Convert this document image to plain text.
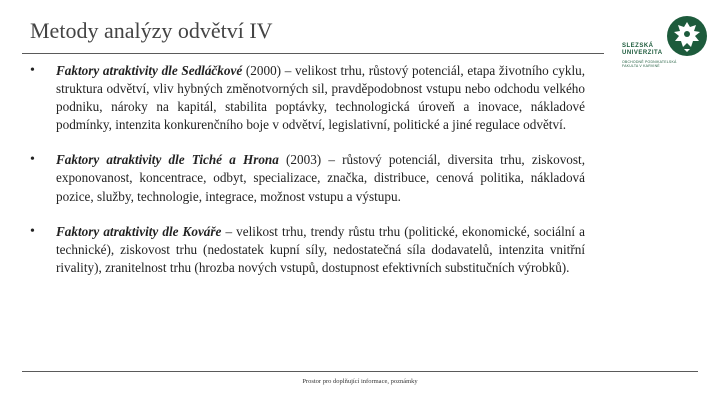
Metody analýzy odvětví IV
SLEZSKÁ
UNIVERZITA
OBCHODNĚ PODNIKATELSKÁ
FAKULTA V KARVINÉ
• Faktory atraktivity dle Sedláčkové (2000) – velikost trhu, růstový potenciál, etapa životního cyklu, struktura odvětví, vliv hybných změnotvorných sil, pravděpodobnost vstupu nebo odchodu velkého podniku, nároky na kapitál, stabilita poptávky, technologická úroveň a inovace, nákladové podmínky, intenzita konkurenčního boje v odvětví, legislativní, politické a jiné regulace odvětví.

• Faktory atraktivity dle Tiché a Hrona (2003) – růstový potenciál, diversita trhu, ziskovost, exponovanost, koncentrace, odbyt, specializace, značka, distribuce, cenová politika, nákladová pozice, služby, technologie, integrace, možnost vstupu a výstupu.

• Faktory atraktivity dle Kováře – velikost trhu, trendy růstu trhu (politické, ekonomické, sociální a technické), ziskovost trhu (nedostatek kupní síly, nedostatečná síla dodavatelů, intenzita vnitřní rivality), zranitelnost trhu (hrozba nových vstupů, dostupnost efektivních substitučních výrobků).

Prostor pro doplňující informace, poznámky
